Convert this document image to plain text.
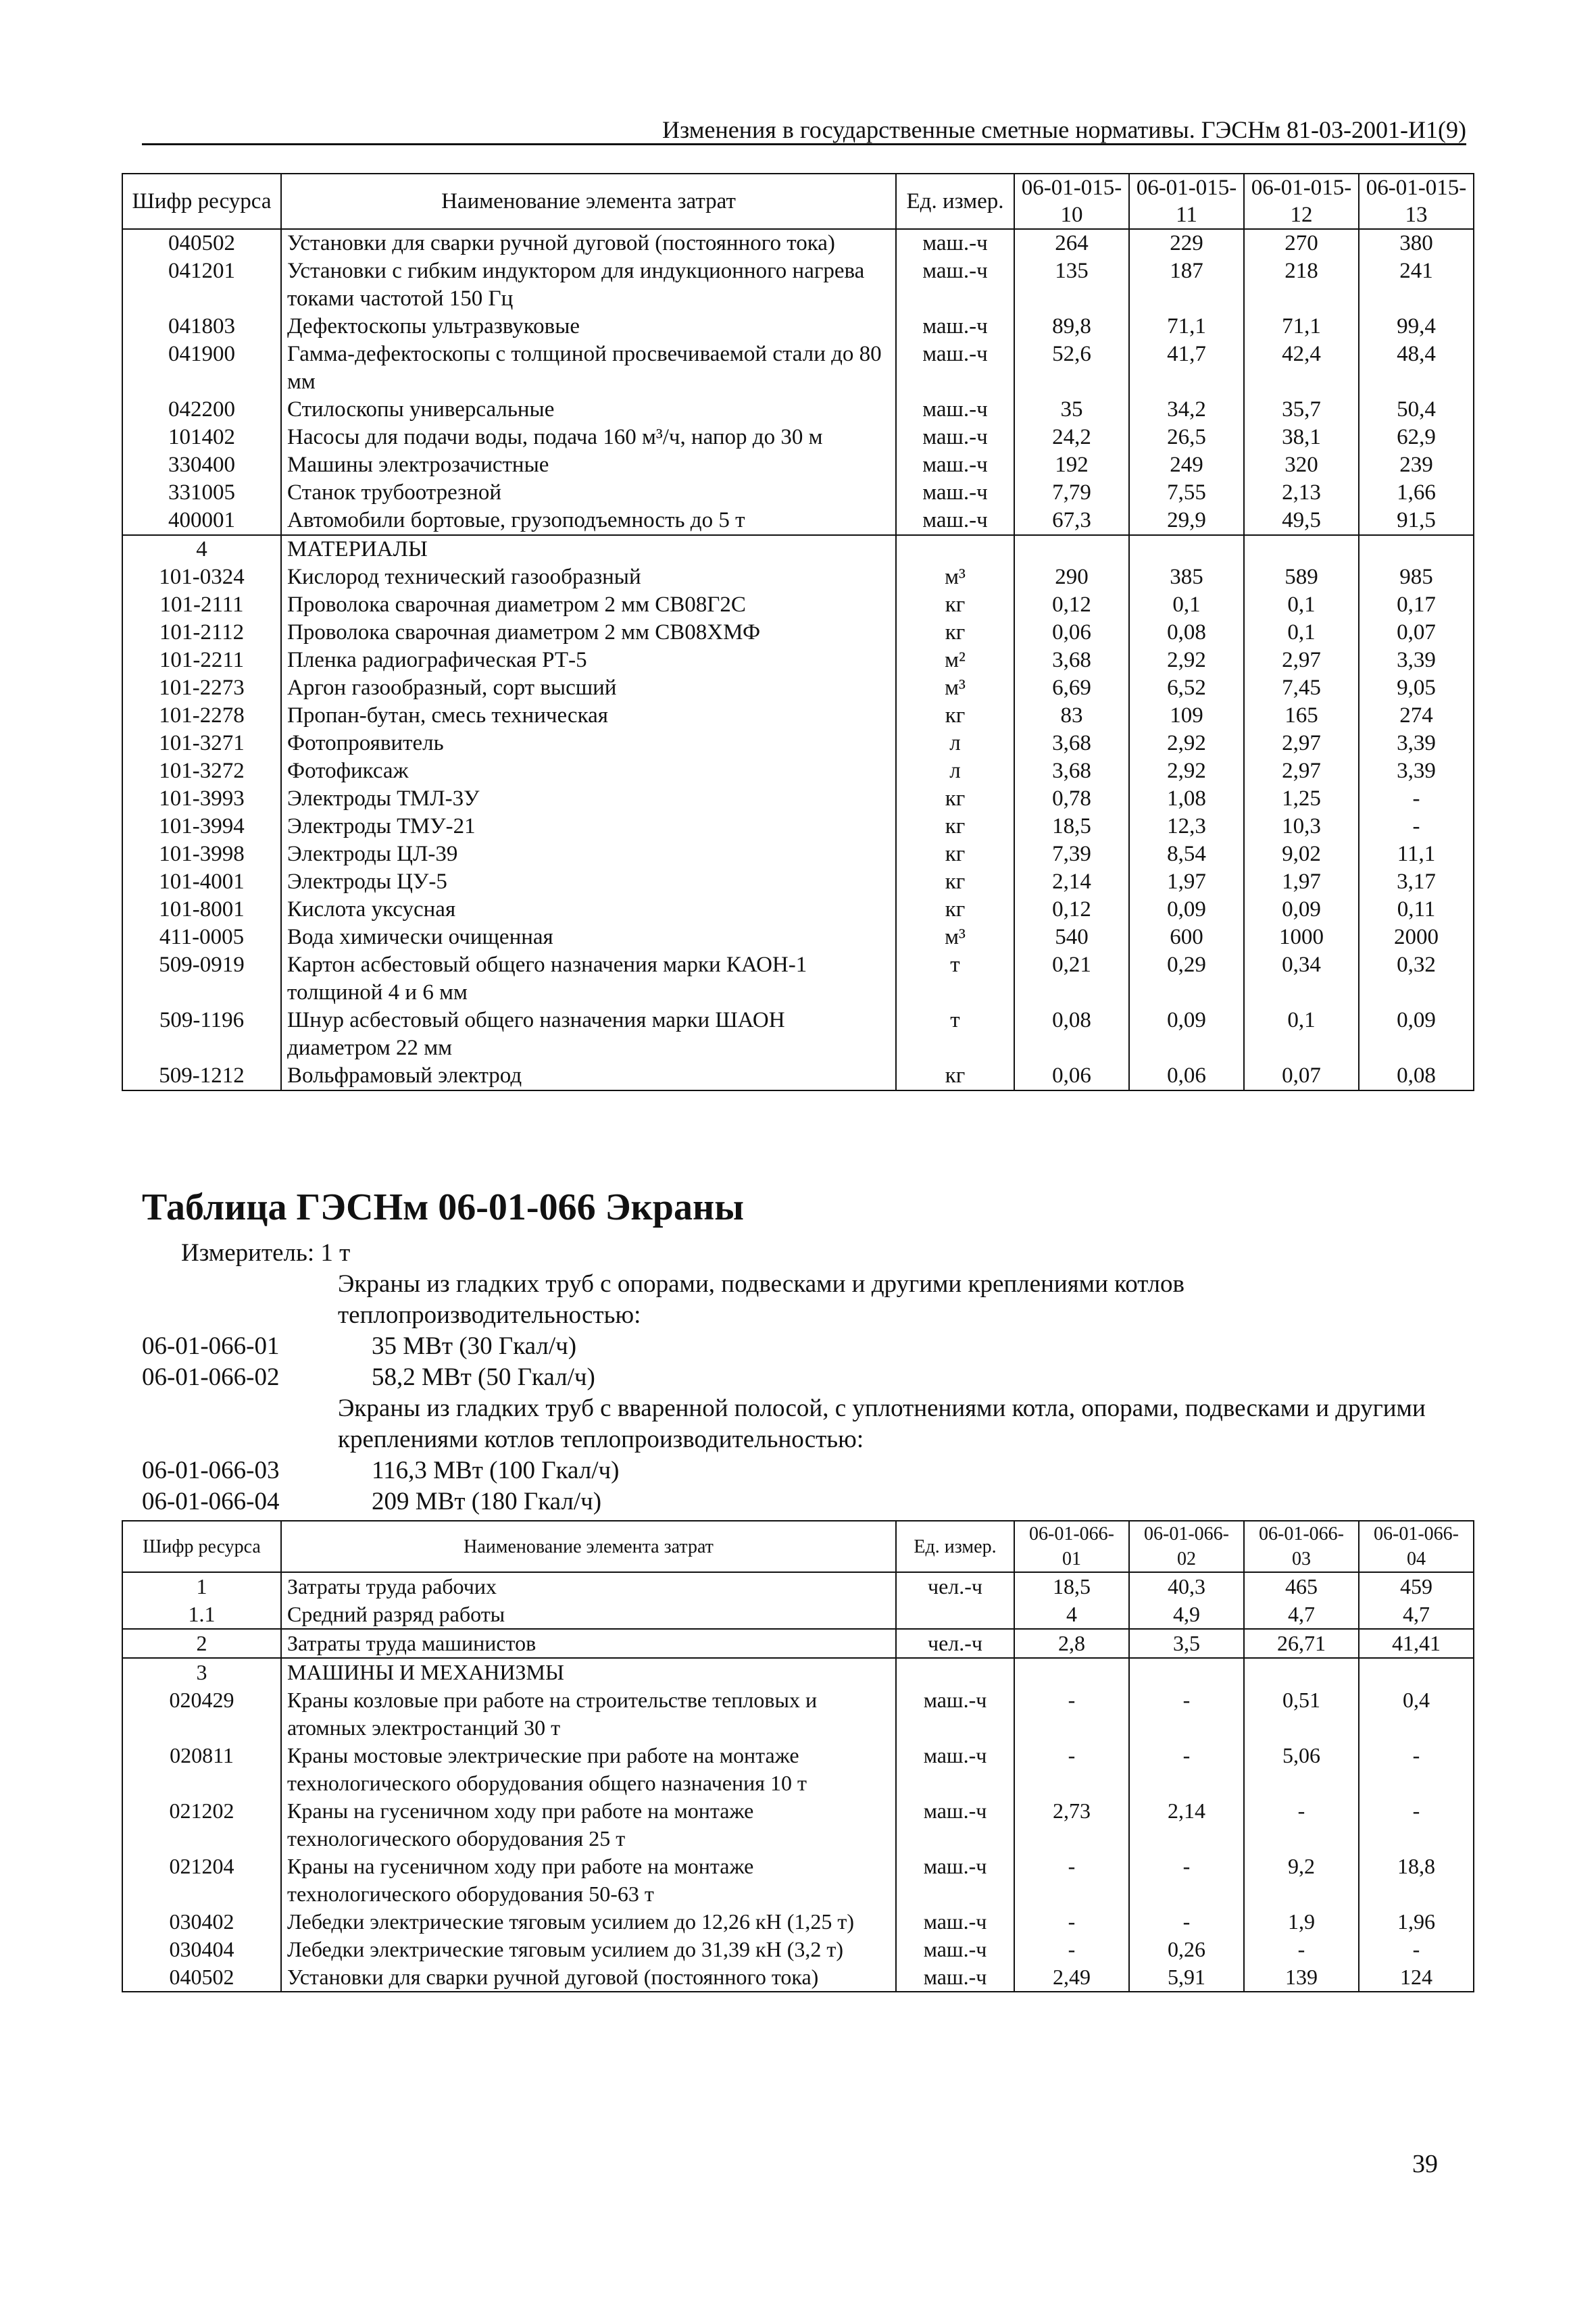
Изменения в государственные сметные нормативы. ГЭСНм 81-03-2001-И1(9)
Шифр ресурса	Наименование элемента затрат	Ед. измер.	06-01-015-10	06-01-015-11	06-01-015-12	06-01-015-13
040502	Установки для сварки ручной дуговой (постоянного тока)	маш.-ч	264	229	270	380
041201	Установки с гибким индуктором для индукционного нагрева токами частотой 150 Гц	маш.-ч	135	187	218	241
041803	Дефектоскопы ультразвуковые	маш.-ч	89,8	71,1	71,1	99,4
041900	Гамма-дефектоскопы с толщиной просвечиваемой стали до 80 мм	маш.-ч	52,6	41,7	42,4	48,4
042200	Стилоскопы универсальные	маш.-ч	35	34,2	35,7	50,4
101402	Насосы для подачи воды, подача 160 м³/ч, напор до 30 м	маш.-ч	24,2	26,5	38,1	62,9
330400	Машины электрозачистные	маш.-ч	192	249	320	239
331005	Станок трубоотрезной	маш.-ч	7,79	7,55	2,13	1,66
400001	Автомобили бортовые, грузоподъемность до 5 т	маш.-ч	67,3	29,9	49,5	91,5
4	МАТЕРИАЛЫ					
101-0324	Кислород технический газообразный	м³	290	385	589	985
101-2111	Проволока сварочная диаметром 2 мм СВ08Г2С	кг	0,12	0,1	0,1	0,17
101-2112	Проволока сварочная диаметром 2 мм СВ08ХМФ	кг	0,06	0,08	0,1	0,07
101-2211	Пленка радиографическая РТ-5	м²	3,68	2,92	2,97	3,39
101-2273	Аргон газообразный, сорт высший	м³	6,69	6,52	7,45	9,05
101-2278	Пропан-бутан, смесь техническая	кг	83	109	165	274
101-3271	Фотопроявитель	л	3,68	2,92	2,97	3,39
101-3272	Фотофиксаж	л	3,68	2,92	2,97	3,39
101-3993	Электроды ТМЛ-3У	кг	0,78	1,08	1,25	-
101-3994	Электроды ТМУ-21	кг	18,5	12,3	10,3	-
101-3998	Электроды ЦЛ-39	кг	7,39	8,54	9,02	11,1
101-4001	Электроды ЦУ-5	кг	2,14	1,97	1,97	3,17
101-8001	Кислота уксусная	кг	0,12	0,09	0,09	0,11
411-0005	Вода химически очищенная	м³	540	600	1000	2000
509-0919	Картон асбестовый общего назначения марки КАОН-1 толщиной 4 и 6 мм	т	0,21	0,29	0,34	0,32
509-1196	Шнур асбестовый общего назначения марки ШАОН диаметром 22 мм	т	0,08	0,09	0,1	0,09
509-1212	Вольфрамовый электрод	кг	0,06	0,06	0,07	0,08
Таблица ГЭСНм 06-01-066 Экраны
Измеритель: 1 т
Экраны из гладких труб с опорами, подвесками и другими креплениями котлов теплопроизводительностью:
06-01-066-01	35 МВт (30 Гкал/ч)
06-01-066-02	58,2 МВт (50 Гкал/ч)
Экраны из гладких труб с вваренной полосой, с уплотнениями котла, опорами, подвесками и другими креплениями котлов теплопроизводительностью:
06-01-066-03	116,3 МВт (100 Гкал/ч)
06-01-066-04	209 МВт (180 Гкал/ч)
Шифр ресурса	Наименование элемента затрат	Ед. измер.	06-01-066-01	06-01-066-02	06-01-066-03	06-01-066-04
1	Затраты труда рабочих	чел.-ч	18,5	40,3	465	459
1.1	Средний разряд работы		4	4,9	4,7	4,7
2	Затраты труда машинистов	чел.-ч	2,8	3,5	26,71	41,41
3	МАШИНЫ И МЕХАНИЗМЫ					
020429	Краны козловые при работе на строительстве тепловых и атомных электростанций 30 т	маш.-ч	-	-	0,51	0,4
020811	Краны мостовые электрические при работе на монтаже технологического оборудования общего назначения 10 т	маш.-ч	-	-	5,06	-
021202	Краны на гусеничном ходу при работе на монтаже технологического оборудования 25 т	маш.-ч	2,73	2,14	-	-
021204	Краны на гусеничном ходу при работе на монтаже технологического оборудования 50-63 т	маш.-ч	-	-	9,2	18,8
030402	Лебедки электрические тяговым усилием до 12,26 кН (1,25 т)	маш.-ч	-	-	1,9	1,96
030404	Лебедки электрические тяговым усилием до 31,39 кН (3,2 т)	маш.-ч	-	0,26	-	-
040502	Установки для сварки ручной дуговой (постоянного тока)	маш.-ч	2,49	5,91	139	124
39
